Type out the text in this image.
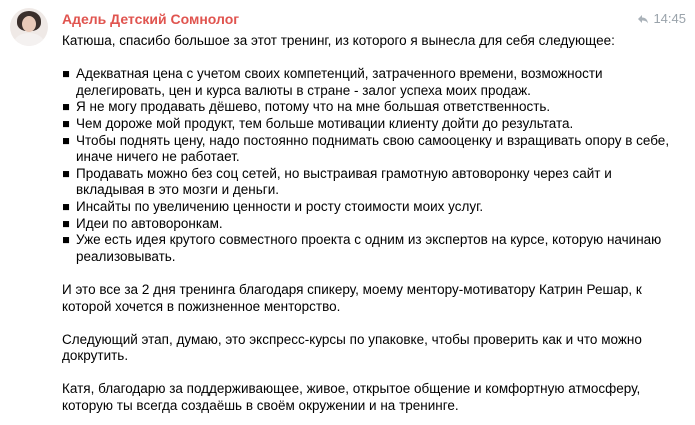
Адель Детский Сомнолог	14:45

Катюша, спасибо большое за этот тренинг, из которого я вынесла для себя следующее:

◾ Адекватная цена с учетом своих компетенций, затраченного времени, возможности делегировать, цен и курса валюты в стране - залог успеха моих продаж.
◾ Я не могу продавать дёшево, потому что на мне большая ответственность.
◾ Чем дороже мой продукт, тем больше мотивации клиенту дойти до результата.
◾ Чтобы поднять цену, надо постоянно поднимать свою самооценку и взращивать опору в себе, иначе ничего не работает.
◾ Продавать можно без соц сетей, но выстраивая грамотную автоворонку через сайт и вкладывая в это мозги и деньги.
◾ Инсайты по увеличению ценности и росту стоимости моих услуг.
◾ Идеи по автоворонкам.
◾ Уже есть идея крутого совместного проекта с одним из экспертов на курсе, которую начинаю реализовывать.

И это все за 2 дня тренинга благодаря спикеру, моему ментору-мотиватору Катрин Решар, к которой хочется в пожизненное менторство.

Следующий этап, думаю, это экспресс-курсы по упаковке, чтобы проверить как и что можно докрутить.

Катя, благодарю за поддерживающее, живое, открытое общение и комфортную атмосферу, которую ты всегда создаёшь в своём окружении и на тренинге.
